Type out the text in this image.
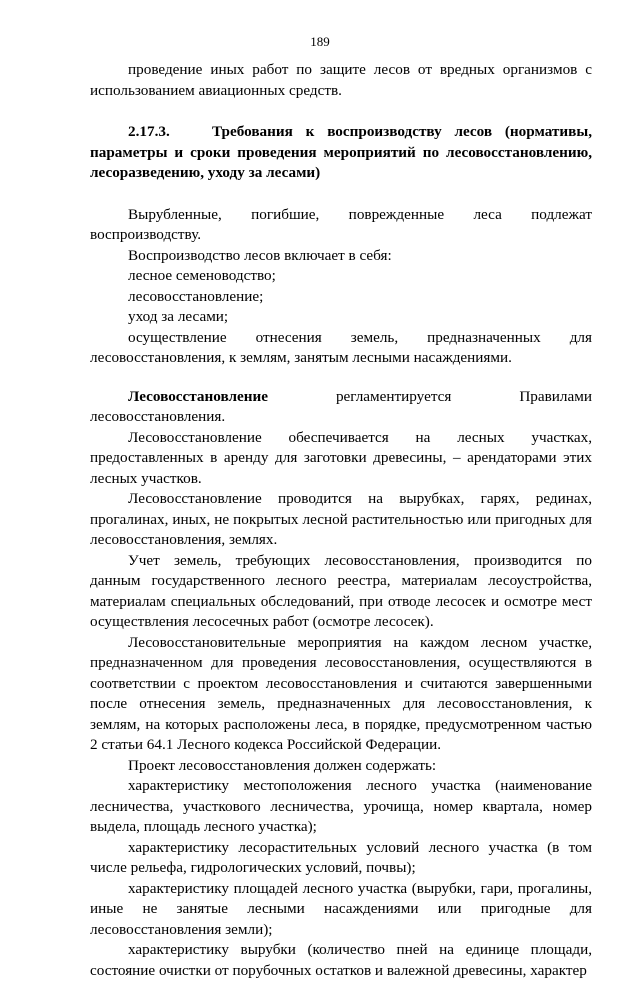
189

проведение иных работ по защите лесов от вредных организмов с использованием авиационных средств.

2.17.3.	Требования к воспроизводству лесов (нормативы, параметры и сроки проведения мероприятий по лесовосстановлению, лесоразведению, уходу за лесами)

Вырубленные, погибшие, поврежденные леса подлежат воспроизводству.

Воспроизводство лесов включает в себя:

лесное семеноводство;

лесовосстановление;

уход за лесами;

осуществление отнесения земель, предназначенных для лесовосстановления, к землям, занятым лесными насаждениями.

Лесовосстановление	регламентируется	Правилами

лесовосстановления.

Лесовосстановление обеспечивается на лесных участках, предоставленных в аренду для заготовки древесины, – арендаторами этих лесных участков.

Лесовосстановление проводится на вырубках, гарях, рединах, прогалинах, иных, не покрытых лесной растительностью или пригодных для лесовосстановления, землях.

Учет земель, требующих лесовосстановления, производится по данным государственного лесного реестра, материалам лесоустройства, материалам специальных обследований, при отводе лесосек и осмотре мест осуществления лесосечных работ (осмотре лесосек).

Лесовосстановительные мероприятия на каждом лесном участке, предназначенном для проведения лесовосстановления, осуществляются в соответствии с проектом лесовосстановления и считаются завершенными после отнесения земель, предназначенных для лесовосстановления, к землям, на которых расположены леса, в порядке, предусмотренном частью 2 статьи 64.1 Лесного кодекса Российской Федерации.

Проект лесовосстановления должен содержать:

характеристику местоположения лесного участка (наименование лесничества, участкового лесничества, урочища, номер квартала, номер выдела, площадь лесного участка);

характеристику лесорастительных условий лесного участка (в том числе рельефа, гидрологических условий, почвы);

характеристику площадей лесного участка (вырубки, гари, прогалины, иные не занятые лесными насаждениями или пригодные для лесовосстановления земли);

характеристику вырубки (количество пней на единице площади, состояние очистки от порубочных остатков и валежной древесины, характер
